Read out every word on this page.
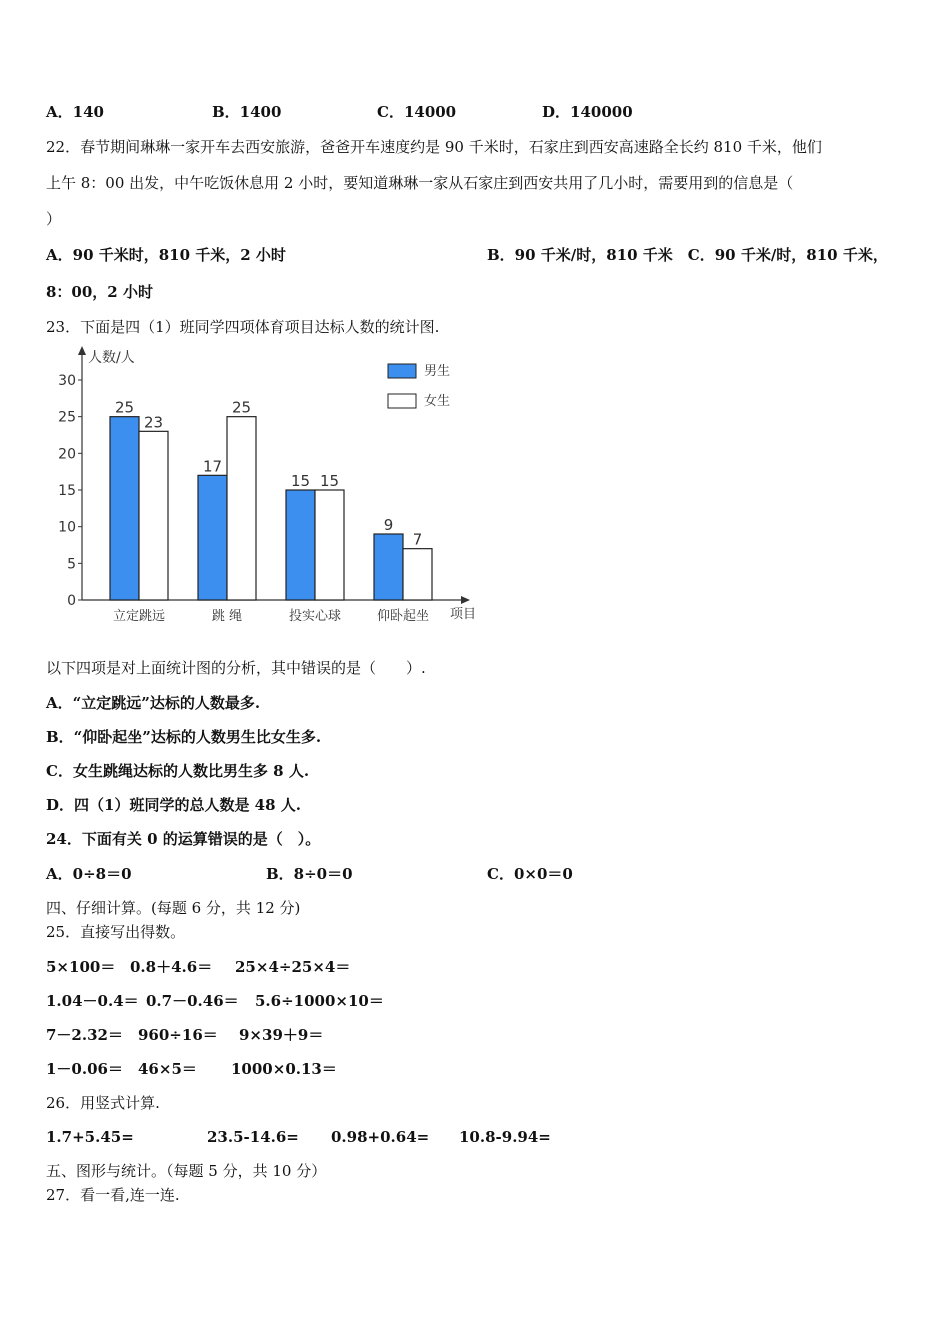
A．140	B．1400	C．14000	D．140000
22．春节期间琳琳一家开车去西安旅游，爸爸开车速度约是 90 千米时，石家庄到西安高速路全长约 810 千米，他们
上午 8：00 出发，中午吃饭休息用 2 小时，要知道琳琳一家从石家庄到西安共用了几小时，需要用到的信息是（
）
A．90 千米时，810 千米，2 小时	B．90 千米/时，810 千米　C．90 千米/时，810 千米，
8：00，2 小时
23．下面是四（1）班同学四项体育项目达标人数的统计图.
人数/人
项目
0
5
10
15
20
25
30
25
23
17
25
15 15
9
7
立定跳远	跳 绳	投实心球	仰卧起坐
男生
女生
以下四项是对上面统计图的分析，其中错误的是（　　）.
A．“立定跳远”达标的人数最多.
B．“仰卧起坐”达标的人数男生比女生多.
C．女生跳绳达标的人数比男生多 8 人.
D．四（1）班同学的总人数是 48 人.
24．下面有关 0 的运算错误的是（　）。
A．0÷8＝0	B．8÷0＝0	C．0×0＝0
四、仔细计算。(每题 6 分，共 12 分)
25．直接写出得数。
5×100＝ 0.8＋4.6＝ 25×4÷25×4＝
1.04－0.4＝ 0.7－0.46＝ 5.6÷1000×10＝
7－2.32＝ 960÷16＝ 9×39＋9＝
1－0.06＝ 46×5＝ 1000×0.13＝
26．用竖式计算.
1.7+5.45=	23.5-14.6= 0.98+0.64= 10.8-9.94=
五、图形与统计。（每题 5 分，共 10 分）
27．看一看,连一连.
